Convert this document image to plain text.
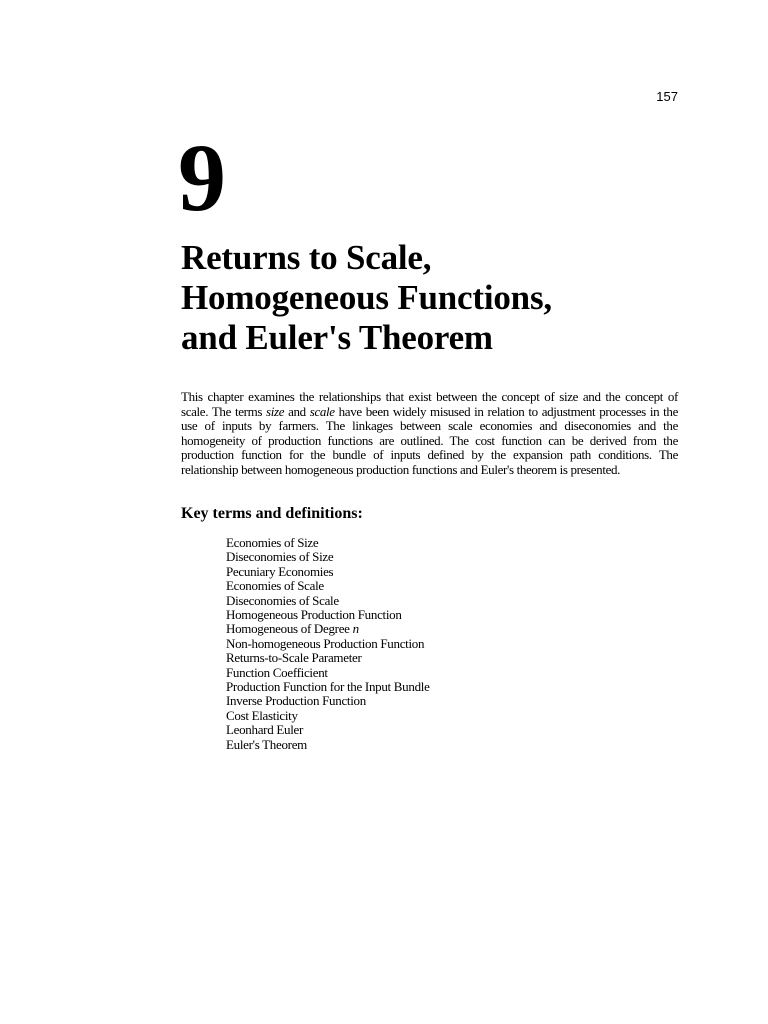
157
9
Returns to Scale,
Homogeneous Functions,
and Euler's Theorem

This chapter examines the relationships that exist between the concept of size and the concept of scale. The terms size and scale have been widely misused in relation to adjustment processes in the use of inputs by farmers. The linkages between scale economies and diseconomies and the homogeneity of production functions are outlined. The cost function can be derived from the production function for the bundle of inputs defined by the expansion path conditions. The relationship between homogeneous production functions and Euler's theorem is presented.

Key terms and definitions:
Economies of Size
Diseconomies of Size
Pecuniary Economies
Economies of Scale
Diseconomies of Scale
Homogeneous Production Function
Homogeneous of Degree n
Non-homogeneous Production Function
Returns-to-Scale Parameter
Function Coefficient
Production Function for the Input Bundle
Inverse Production Function
Cost Elasticity
Leonhard Euler
Euler's Theorem
